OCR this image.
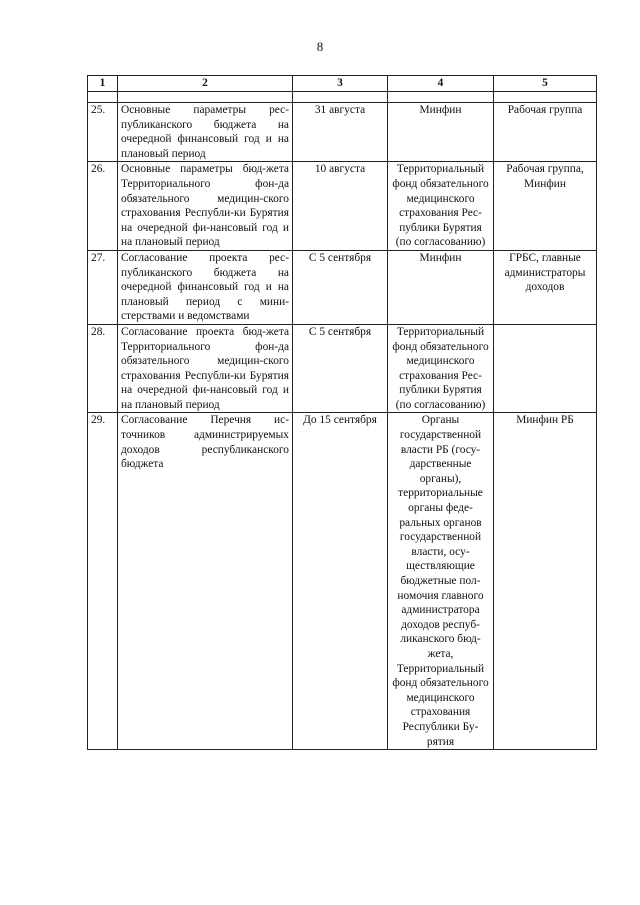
8
1	2	3	4	5

25.	Основные параметры рес-публиканского бюджета на очередной финансовый год и на плановый период	31 августа	Минфин	Рабочая группа
26.	Основные параметры бюд-жета Территориального фон-да обязательного медицин-ского страхования Республи-ки Бурятия на очередной фи-нансовый год и на плановый период	10 августа	Территориальный фонд обязательного медицинского страхования Рес-публики Бурятия (по согласованию)	Рабочая группа, Минфин
27.	Согласование проекта рес-публиканского бюджета на очередной финансовый год и на плановый период с мини-стерствами и ведомствами	С 5 сентября	Минфин	ГРБС, главные администраторы доходов
28.	Согласование проекта бюд-жета Территориального фон-да обязательного медицин-ского страхования Республи-ки Бурятия на очередной фи-нансовый год и на плановый период	С 5 сентября	Территориальный фонд обязательного медицинского страхования Рес-публики Бурятия (по согласованию)	
29.	Согласование Перечня ис-точников администрируемых доходов республиканского бюджета	До 15 сентября	Органы государственной власти РБ (госу-дарственные органы), территориальные органы феде-ральных органов государственной власти, осу-ществляющие бюджетные пол-номочия главного администратора доходов респуб-ликанского бюд-жета, Территориальный фонд обязательного медицинского страхования Республики Бу-рятия	Минфин РБ
